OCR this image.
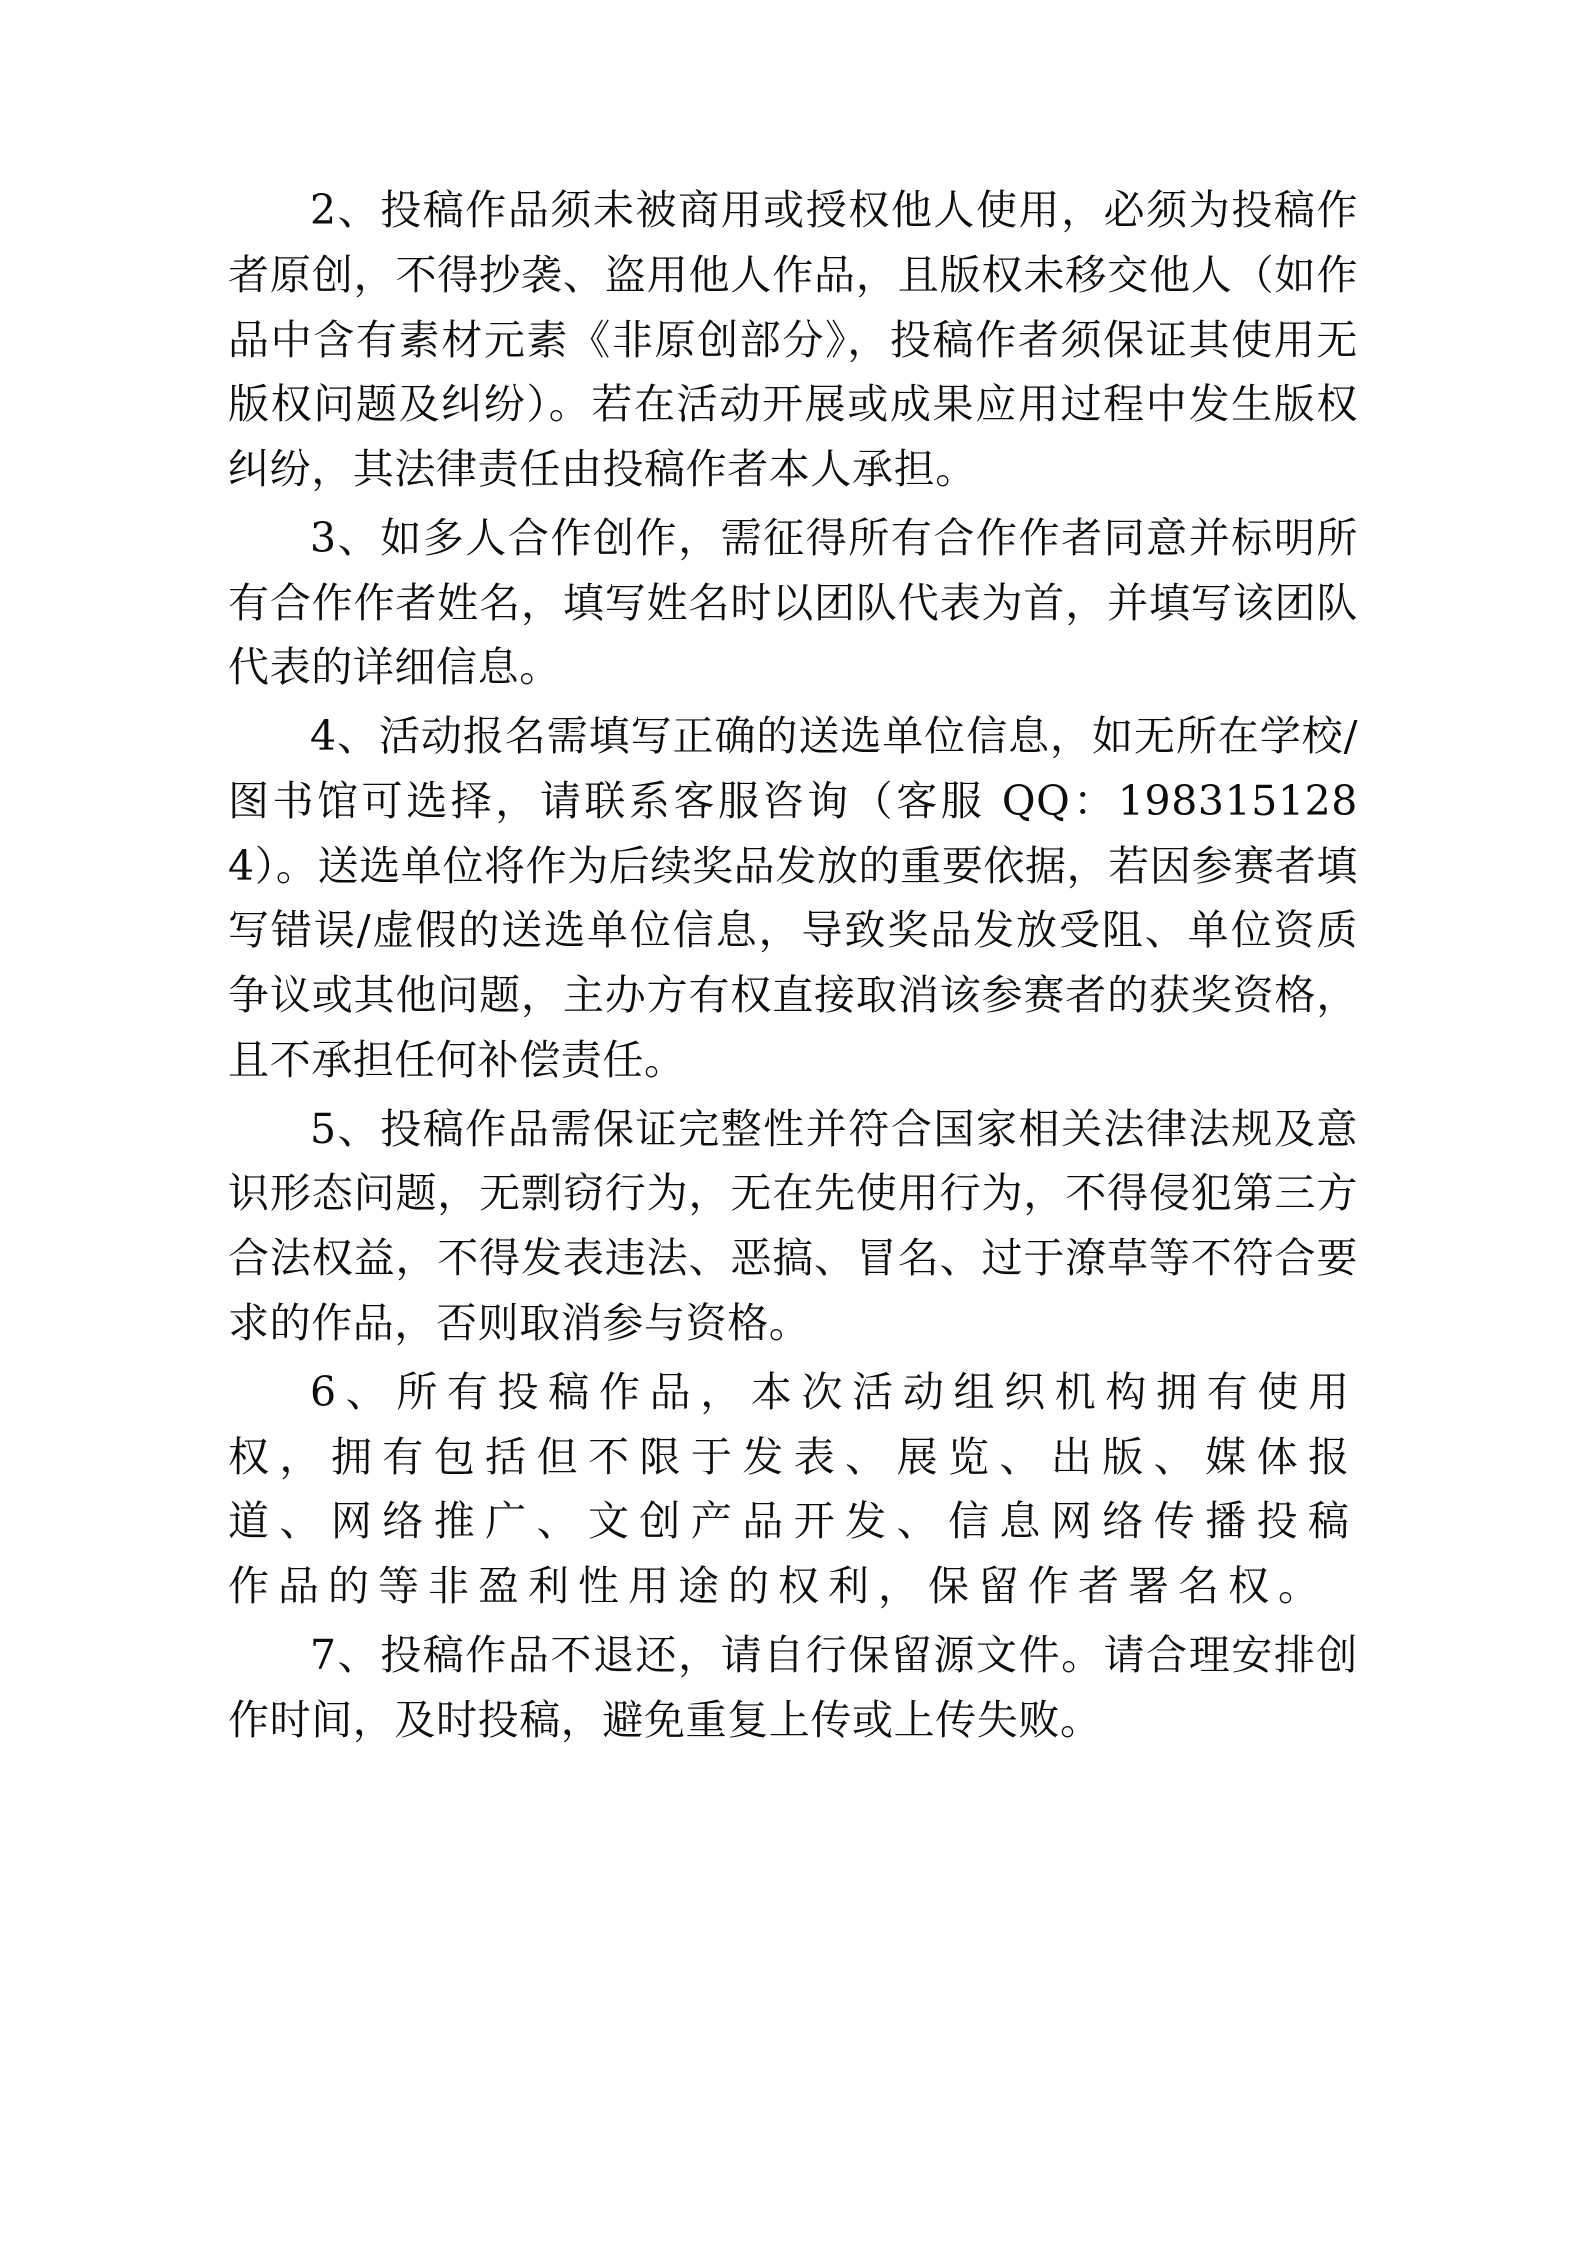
2、投稿作品须未被商用或授权他人使用，必须为投稿作者原创，不得抄袭、盗用他人作品，且版权未移交他人（如作品中含有素材元素《非原创部分》，投稿作者须保证其使用无版权问题及纠纷）。若在活动开展或成果应用过程中发生版权纠纷，其法律责任由投稿作者本人承担。

3、如多人合作创作，需征得所有合作作者同意并标明所有合作作者姓名，填写姓名时以团队代表为首，并填写该团队代表的详细信息。

4、活动报名需填写正确的送选单位信息，如无所在学校/图书馆可选择，请联系客服咨询（客服 QQ：1983151284）。送选单位将作为后续奖品发放的重要依据，若因参赛者填写错误/虚假的送选单位信息，导致奖品发放受阻、单位资质争议或其他问题，主办方有权直接取消该参赛者的获奖资格，且不承担任何补偿责任。

5、投稿作品需保证完整性并符合国家相关法律法规及意识形态问题，无剽窃行为，无在先使用行为，不得侵犯第三方合法权益，不得发表违法、恶搞、冒名、过于潦草等不符合要求的作品，否则取消参与资格。

6、所有投稿作品，本次活动组织机构拥有使用权，拥有包括但不限于发表、展览、出版、媒体报道、网络推广、文创产品开发、信息网络传播投稿作品的等非盈利性用途的权利，保留作者署名权。

7、投稿作品不退还，请自行保留源文件。请合理安排创作时间，及时投稿，避免重复上传或上传失败。
